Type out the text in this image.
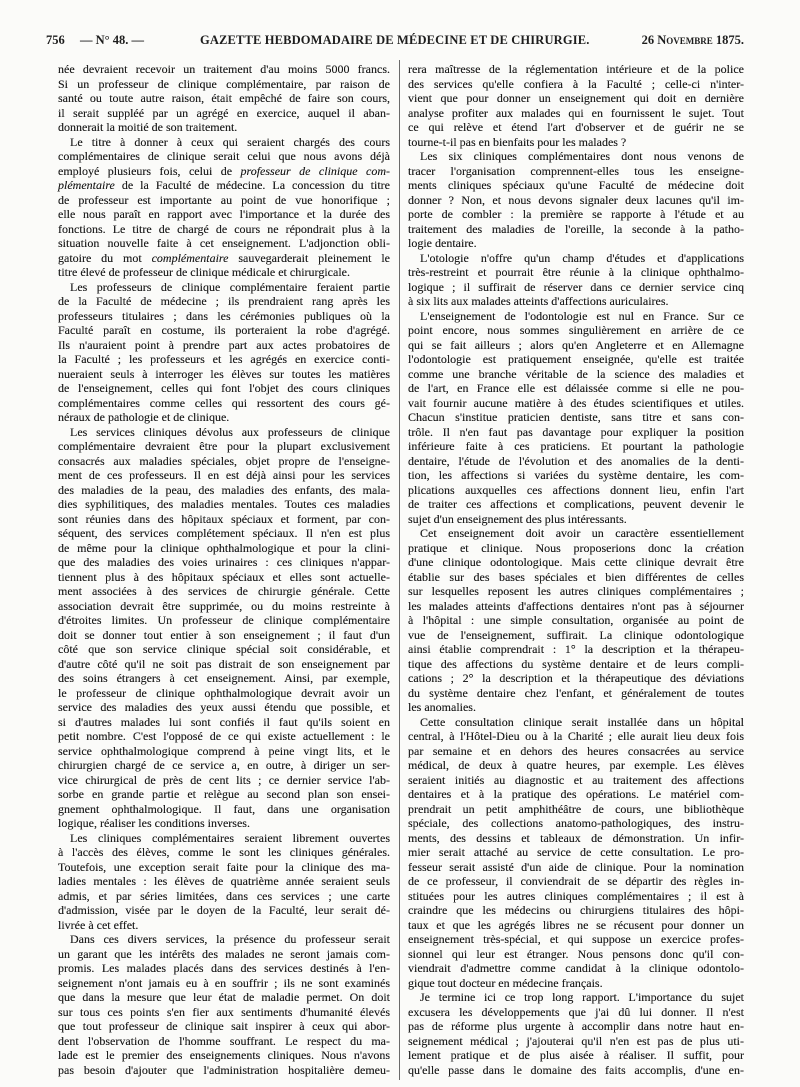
756 — N° 48. —	GAZETTE HEBDOMADAIRE DE MÉDECINE ET DE CHIRURGIE.	26 Novembre 1875.
née devraient recevoir un traitement d'au moins 5000 francs.
Si un professeur de clinique complémentaire, par raison de
santé ou toute autre raison, était empêché de faire son cours,
il serait suppléé par un agrégé en exercice, auquel il aban-
donnerait la moitié de son traitement.
Le titre à donner à ceux qui seraient chargés des cours
complémentaires de clinique serait celui que nous avons déjà
employé plusieurs fois, celui de professeur de clinique com-
plémentaire de la Faculté de médecine. La concession du titre
de professeur est importante au point de vue honorifique ;
elle nous paraît en rapport avec l'importance et la durée des
fonctions. Le titre de chargé de cours ne répondrait plus à la
situation nouvelle faite à cet enseignement. L'adjonction obli-
gatoire du mot complémentaire sauvegarderait pleinement le
titre élevé de professeur de clinique médicale et chirurgicale.
Les professeurs de clinique complémentaire feraient partie
de la Faculté de médecine ; ils prendraient rang après les
professeurs titulaires ; dans les cérémonies publiques où la
Faculté paraît en costume, ils porteraient la robe d'agrégé.
Ils n'auraient point à prendre part aux actes probatoires de
la Faculté ; les professeurs et les agrégés en exercice conti-
nueraient seuls à interroger les élèves sur toutes les matières
de l'enseignement, celles qui font l'objet des cours cliniques
complémentaires comme celles qui ressortent des cours gé-
néraux de pathologie et de clinique.
Les services cliniques dévolus aux professeurs de clinique
complémentaire devraient être pour la plupart exclusivement
consacrés aux maladies spéciales, objet propre de l'enseigne-
ment de ces professeurs. Il en est déjà ainsi pour les services
des maladies de la peau, des maladies des enfants, des mala-
dies syphilitiques, des maladies mentales. Toutes ces maladies
sont réunies dans des hôpitaux spéciaux et forment, par con-
séquent, des services complétement spéciaux. Il n'en est plus
de même pour la clinique ophthalmologique et pour la clini-
que des maladies des voies urinaires : ces cliniques n'appar-
tiennent plus à des hôpitaux spéciaux et elles sont actuelle-
ment associées à des services de chirurgie générale. Cette
association devrait être supprimée, ou du moins restreinte à
d'étroites limites. Un professeur de clinique complémentaire
doit se donner tout entier à son enseignement ; il faut d'un
côté que son service clinique spécial soit considérable, et
d'autre côté qu'il ne soit pas distrait de son enseignement par
des soins étrangers à cet enseignement. Ainsi, par exemple,
le professeur de clinique ophthalmologique devrait avoir un
service des maladies des yeux aussi étendu que possible, et
si d'autres malades lui sont confiés il faut qu'ils soient en
petit nombre. C'est l'opposé de ce qui existe actuellement : le
service ophthalmologique comprend à peine vingt lits, et le
chirurgien chargé de ce service a, en outre, à diriger un ser-
vice chirurgical de près de cent lits ; ce dernier service l'ab-
sorbe en grande partie et relègue au second plan son ensei-
gnement ophthalmologique. Il faut, dans une organisation
logique, réaliser les conditions inverses.
Les cliniques complémentaires seraient librement ouvertes
à l'accès des élèves, comme le sont les cliniques générales.
Toutefois, une exception serait faite pour la clinique des ma-
ladies mentales : les élèves de quatrième année seraient seuls
admis, et par séries limitées, dans ces services ; une carte
d'admission, visée par le doyen de la Faculté, leur serait dé-
livrée à cet effet.
Dans ces divers services, la présence du professeur serait
un garant que les intérêts des malades ne seront jamais com-
promis. Les malades placés dans des services destinés à l'en-
seignement n'ont jamais eu à en souffrir ; ils ne sont examinés
que dans la mesure que leur état de maladie permet. On doit
sur tous ces points s'en fier aux sentiments d'humanité élevés
que tout professeur de clinique sait inspirer à ceux qui abor-
dent l'observation de l'homme souffrant. Le respect du ma-
lade est le premier des enseignements cliniques. Nous n'avons
pas besoin d'ajouter que l'administration hospitalière demeu-
rera maîtresse de la réglementation intérieure et de la police
des services qu'elle confiera à la Faculté ; celle-ci n'inter-
vient que pour donner un enseignement qui doit en dernière
analyse profiter aux malades qui en fournissent le sujet. Tout
ce qui relève et étend l'art d'observer et de guérir ne se
tourne-t-il pas en bienfaits pour les malades ?
Les six cliniques complémentaires dont nous venons de
tracer l'organisation comprennent-elles tous les enseigne-
ments cliniques spéciaux qu'une Faculté de médecine doit
donner ? Non, et nous devons signaler deux lacunes qu'il im-
porte de combler : la première se rapporte à l'étude et au
traitement des maladies de l'oreille, la seconde à la patho-
logie dentaire.
L'otologie n'offre qu'un champ d'études et d'applications
très-restreint et pourrait être réunie à la clinique ophthalmo-
logique ; il suffirait de réserver dans ce dernier service cinq
à six lits aux malades atteints d'affections auriculaires.
L'enseignement de l'odontologie est nul en France. Sur ce
point encore, nous sommes singulièrement en arrière de ce
qui se fait ailleurs ; alors qu'en Angleterre et en Allemagne
l'odontologie est pratiquement enseignée, qu'elle est traitée
comme une branche véritable de la science des maladies et
de l'art, en France elle est délaissée comme si elle ne pou-
vait fournir aucune matière à des études scientifiques et utiles.
Chacun s'institue praticien dentiste, sans titre et sans con-
trôle. Il n'en faut pas davantage pour expliquer la position
inférieure faite à ces praticiens. Et pourtant la pathologie
dentaire, l'étude de l'évolution et des anomalies de la denti-
tion, les affections si variées du système dentaire, les com-
plications auxquelles ces affections donnent lieu, enfin l'art
de traiter ces affections et complications, peuvent devenir le
sujet d'un enseignement des plus intéressants.
Cet enseignement doit avoir un caractère essentiellement
pratique et clinique. Nous proposerions donc la création
d'une clinique odontologique. Mais cette clinique devrait être
établie sur des bases spéciales et bien différentes de celles
sur lesquelles reposent les autres cliniques complémentaires ;
les malades atteints d'affections dentaires n'ont pas à séjourner
à l'hôpital : une simple consultation, organisée au point de
vue de l'enseignement, suffirait. La clinique odontologique
ainsi établie comprendrait : 1° la description et la thérapeu-
tique des affections du système dentaire et de leurs compli-
cations ; 2° la description et la thérapeutique des déviations
du système dentaire chez l'enfant, et généralement de toutes
les anomalies.
Cette consultation clinique serait installée dans un hôpital
central, à l'Hôtel-Dieu ou à la Charité ; elle aurait lieu deux fois
par semaine et en dehors des heures consacrées au service
médical, de deux à quatre heures, par exemple. Les élèves
seraient initiés au diagnostic et au traitement des affections
dentaires et à la pratique des opérations. Le matériel com-
prendrait un petit amphithéâtre de cours, une bibliothèque
spéciale, des collections anatomo-pathologiques, des instru-
ments, des dessins et tableaux de démonstration. Un infir-
mier serait attaché au service de cette consultation. Le pro-
fesseur serait assisté d'un aide de clinique. Pour la nomination
de ce professeur, il conviendrait de se départir des règles in-
stituées pour les autres cliniques complémentaires ; il est à
craindre que les médecins ou chirurgiens titulaires des hôpi-
taux et que les agrégés libres ne se récusent pour donner un
enseignement très-spécial, et qui suppose un exercice profes-
sionnel qui leur est étranger. Nous pensons donc qu'il con-
viendrait d'admettre comme candidat à la clinique odontolo-
gique tout docteur en médecine français.
Je termine ici ce trop long rapport. L'importance du sujet
excusera les développements que j'ai dû lui donner. Il n'est
pas de réforme plus urgente à accomplir dans notre haut en-
seignement médical ; j'ajouterai qu'il n'en est pas de plus uti-
lement pratique et de plus aisée à réaliser. Il suffit, pour
qu'elle passe dans le domaine des faits accomplis, d'une en-
